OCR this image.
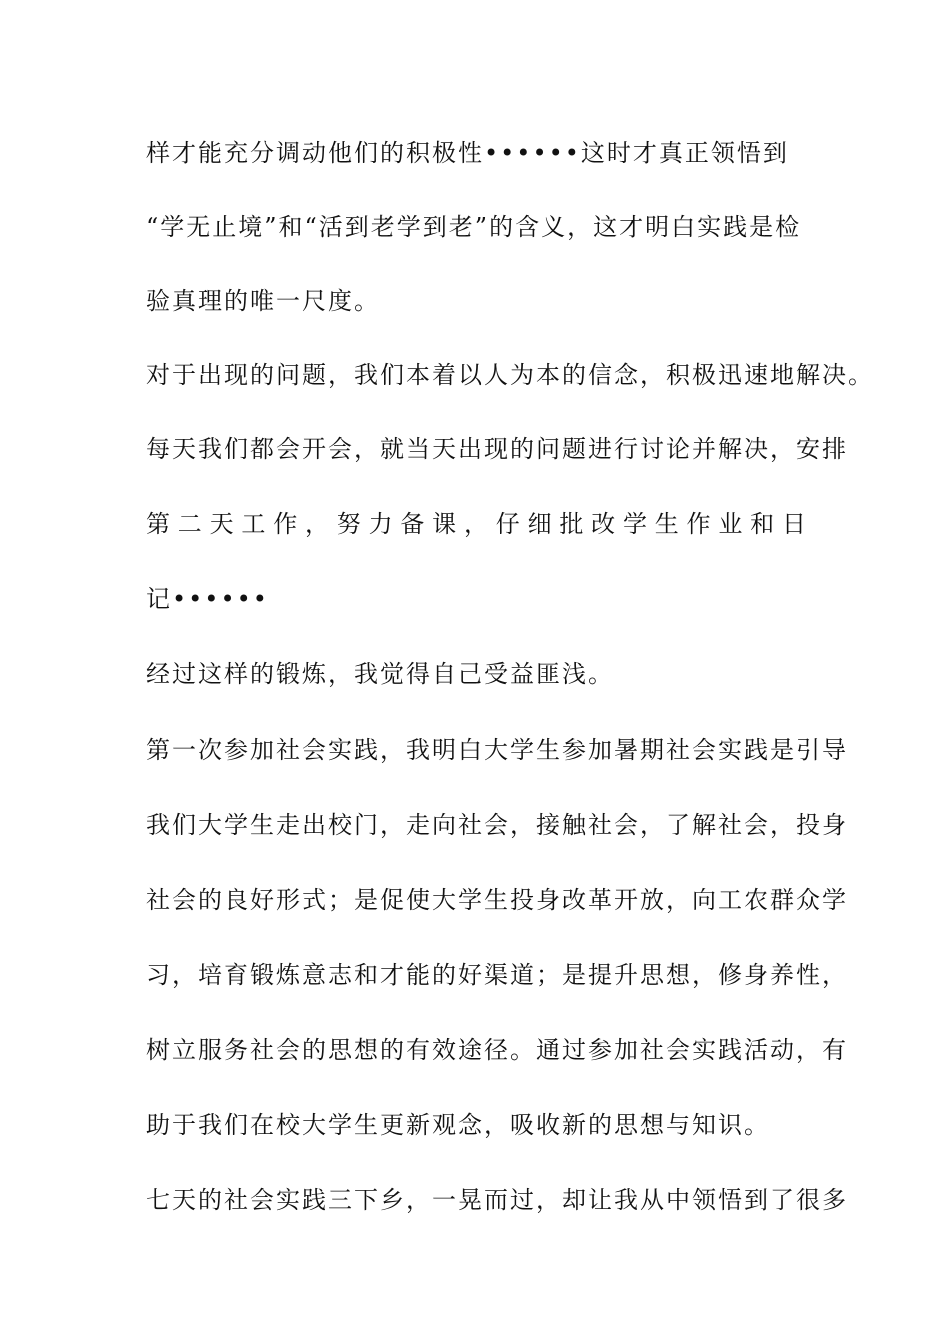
样才能充分调动他们的积极性••••••这时才真正领悟到
“学无止境”和“活到老学到老”的含义，这才明白实践是检
验真理的唯一尺度。
对于出现的问题，我们本着以人为本的信念，积极迅速地解决。
每天我们都会开会，就当天出现的问题进行讨论并解决，安排
第 二 天 工 作 ， 努 力 备 课 ， 仔 细 批 改 学 生 作 业 和 日
记••••••
经过这样的锻炼，我觉得自己受益匪浅。
第一次参加社会实践，我明白大学生参加暑期社会实践是引导
我们大学生走出校门，走向社会，接触社会，了解社会，投身
社会的良好形式；是促使大学生投身改革开放，向工农群众学
习，培育锻炼意志和才能的好渠道；是提升思想，修身养性，
树立服务社会的思想的有效途径。通过参加社会实践活动，有
助于我们在校大学生更新观念，吸收新的思想与知识。
七天的社会实践三下乡，一晃而过，却让我从中领悟到了很多
